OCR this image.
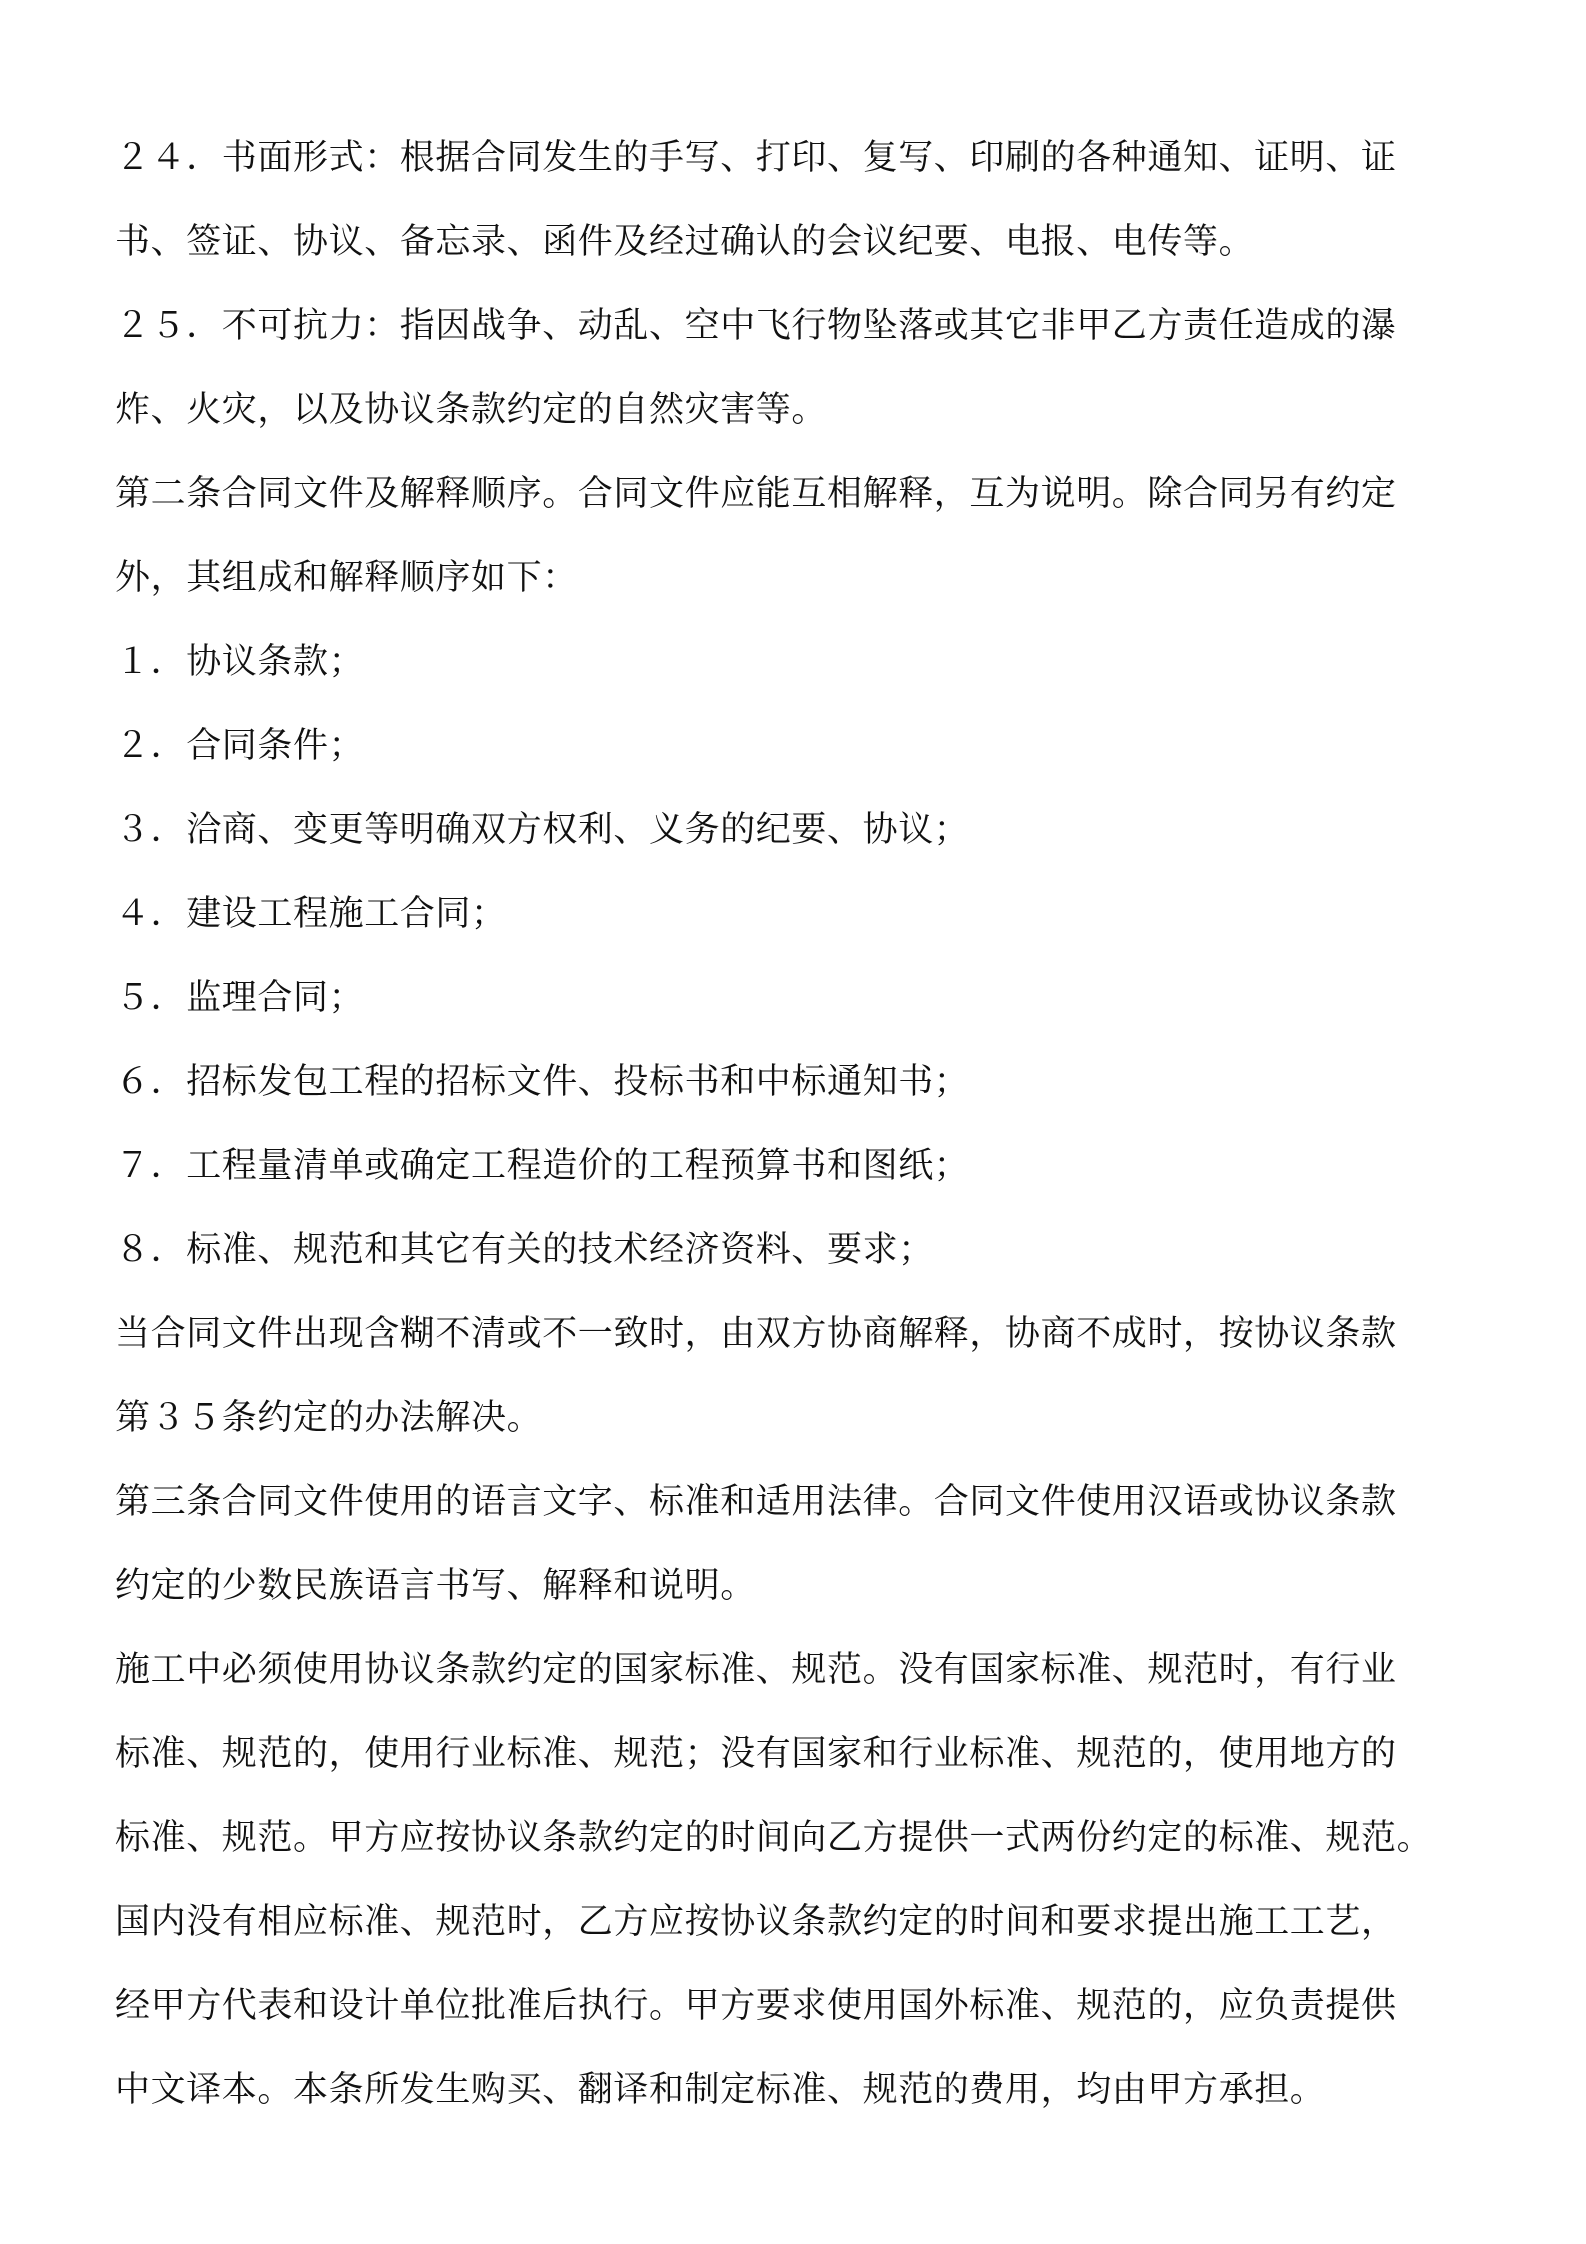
２４．书面形式：根据合同发生的手写、打印、复写、印刷的各种通知、证明、证
书、签证、协议、备忘录、函件及经过确认的会议纪要、电报、电传等。
２５．不可抗力：指因战争、动乱、空中飞行物坠落或其它非甲乙方责任造成的瀑
炸、火灾，以及协议条款约定的自然灾害等。
第二条合同文件及解释顺序。合同文件应能互相解释，互为说明。除合同另有约定
外，其组成和解释顺序如下：
１．协议条款；
２．合同条件；
３．洽商、变更等明确双方权利、义务的纪要、协议；
４．建设工程施工合同；
５．监理合同；
６．招标发包工程的招标文件、投标书和中标通知书；
７．工程量清单或确定工程造价的工程预算书和图纸；
８．标准、规范和其它有关的技术经济资料、要求；
当合同文件出现含糊不清或不一致时，由双方协商解释，协商不成时，按协议条款
第３５条约定的办法解决。
第三条合同文件使用的语言文字、标准和适用法律。合同文件使用汉语或协议条款
约定的少数民族语言书写、解释和说明。
施工中必须使用协议条款约定的国家标准、规范。没有国家标准、规范时，有行业
标准、规范的，使用行业标准、规范；没有国家和行业标准、规范的，使用地方的
标准、规范。甲方应按协议条款约定的时间向乙方提供一式两份约定的标准、规范。
国内没有相应标准、规范时，乙方应按协议条款约定的时间和要求提出施工工艺，
经甲方代表和设计单位批准后执行。甲方要求使用国外标准、规范的，应负责提供
中文译本。本条所发生购买、翻译和制定标准、规范的费用，均由甲方承担。
